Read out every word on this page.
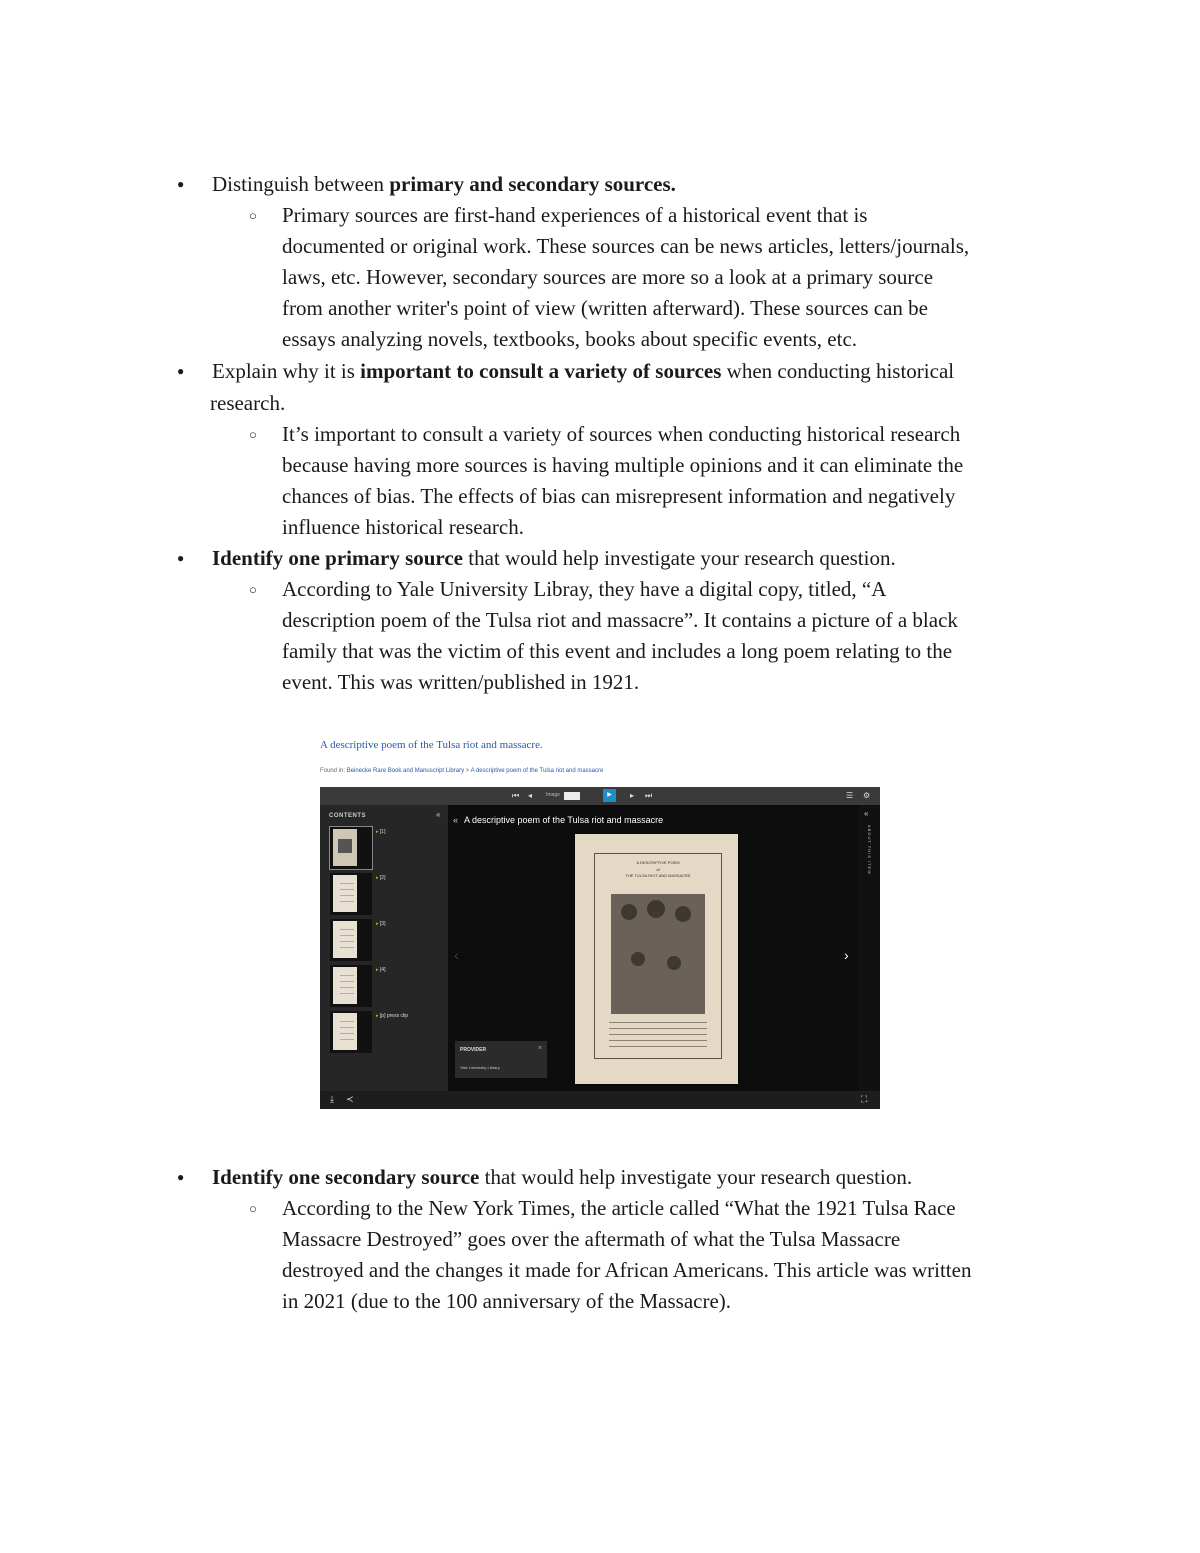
● Distinguish between primary and secondary sources.
○ Primary sources are first-hand experiences of a historical event that is
documented or original work. These sources can be news articles, letters/journals,
laws, etc. However, secondary sources are more so a look at a primary source
from another writer's point of view (written afterward). These sources can be
essays analyzing novels, textbooks, books about specific events, etc.
● Explain why it is important to consult a variety of sources when conducting historical
research.
○ It’s important to consult a variety of sources when conducting historical research
because having more sources is having multiple opinions and it can eliminate the
chances of bias. The effects of bias can misrepresent information and negatively
influence historical research.
● Identify one primary source that would help investigate your research question.
○ According to Yale University Libray, they have a digital copy, titled, “A
description poem of the Tulsa riot and massacre”. It contains a picture of a black
family that was the victim of this event and includes a long poem relating to the
event. This was written/published in 1921.
A descriptive poem of the Tulsa riot and massacre.
Found in: Beinecke Rare Book and Manuscript Library > A descriptive poem of the Tulsa riot and massacre
⏮ ◂	Image	▶	▸ ⏭	☰ ⚙
CONTENTS	«
▸ [1]
▸ [2]
▸ [3]
▸ [4]
▸ [p] press clip
« A descriptive poem of the Tulsa riot and massacre
A DESCRIPTIVE POEM
of
THE TULSA RIOT AND MASSACRE
‹	›
«
ABOUT THIS ITEM
PROVIDER	×
Yale University Library
⤓ ≺	⛶
● Identify one secondary source that would help investigate your research question.
○ According to the New York Times, the article called “What the 1921 Tulsa Race
Massacre Destroyed” goes over the aftermath of what the Tulsa Massacre
destroyed and the changes it made for African Americans. This article was written
in 2021 (due to the 100 anniversary of the Massacre).
